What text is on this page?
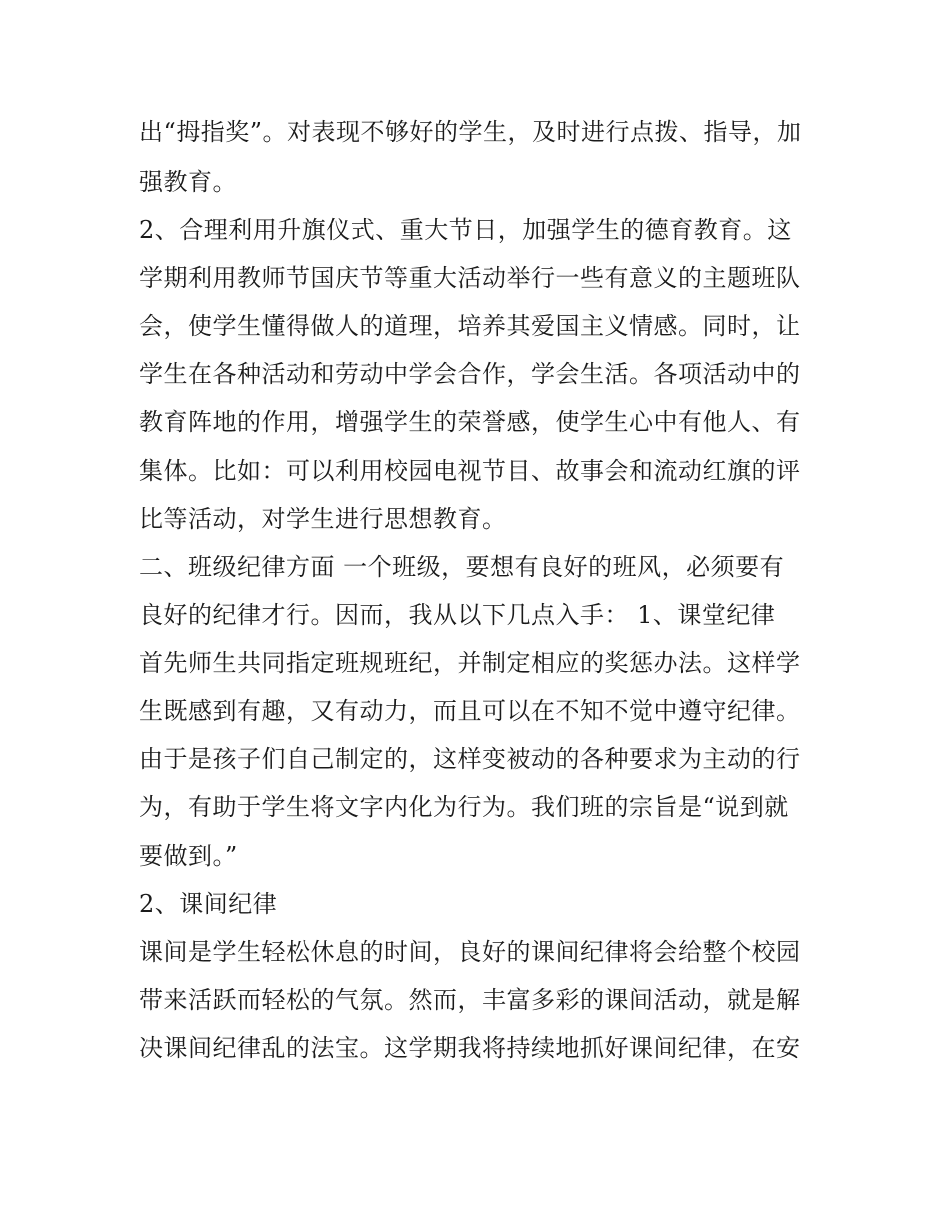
出“拇指奖”。对表现不够好的学生，及时进行点拨、指导，加
强教育。
2、合理利用升旗仪式、重大节日，加强学生的德育教育。这
学期利用教师节国庆节等重大活动举行一些有意义的主题班队
会，使学生懂得做人的道理，培养其爱国主义情感。同时，让
学生在各种活动和劳动中学会合作，学会生活。各项活动中的
教育阵地的作用，增强学生的荣誉感，使学生心中有他人、有
集体。比如：可以利用校园电视节目、故事会和流动红旗的评
比等活动，对学生进行思想教育。
二、班级纪律方面 一个班级，要想有良好的班风，必须要有
良好的纪律才行。因而，我从以下几点入手： 1、课堂纪律
首先师生共同指定班规班纪，并制定相应的奖惩办法。这样学
生既感到有趣，又有动力，而且可以在不知不觉中遵守纪律。
由于是孩子们自己制定的，这样变被动的各种要求为主动的行
为，有助于学生将文字内化为行为。我们班的宗旨是“说到就
要做到。”
2、课间纪律
课间是学生轻松休息的时间，良好的课间纪律将会给整个校园
带来活跃而轻松的气氛。然而，丰富多彩的课间活动，就是解
决课间纪律乱的法宝。这学期我将持续地抓好课间纪律，在安
